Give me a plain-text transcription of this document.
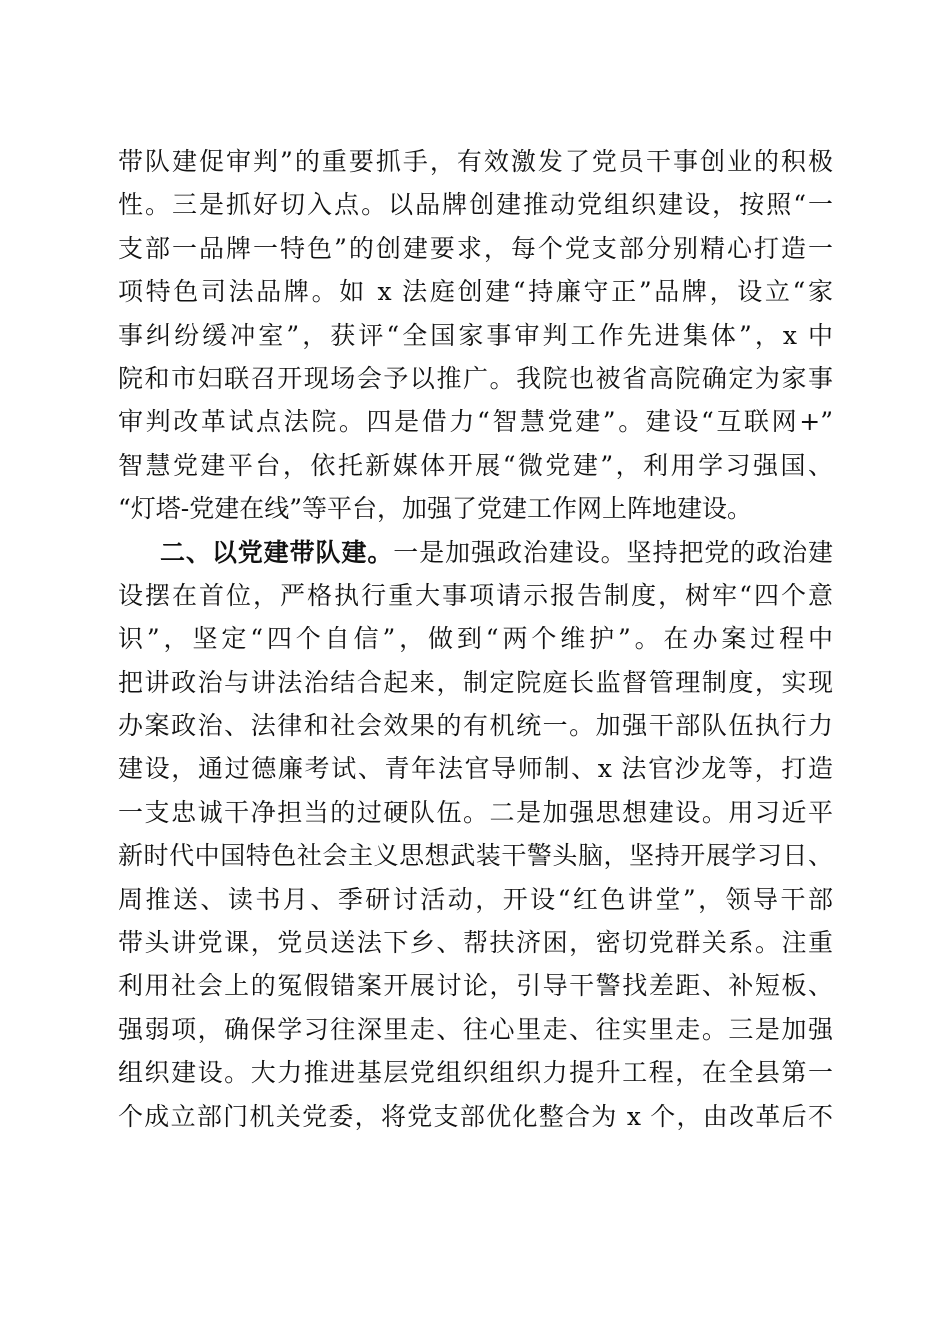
带队建促审判”的重要抓手，有效激发了党员干事创业的积极
性。三是抓好切入点。以品牌创建推动党组织建设，按照“一
支部一品牌一特色”的创建要求，每个党支部分别精心打造一
项特色司法品牌。如 x 法庭创建“持廉守正”品牌，设立“家
事纠纷缓冲室”，获评“全国家事审判工作先进集体”，x 中
院和市妇联召开现场会予以推广。我院也被省高院确定为家事
审判改革试点法院。四是借力“智慧党建”。建设“互联网+”
智慧党建平台，依托新媒体开展“微党建”，利用学习强国、
“灯塔-党建在线”等平台，加强了党建工作网上阵地建设。
二、以党建带队建。一是加强政治建设。坚持把党的政治建
设摆在首位，严格执行重大事项请示报告制度，树牢“四个意
识”，坚定“四个自信”，做到“两个维护”。在办案过程中
把讲政治与讲法治结合起来，制定院庭长监督管理制度，实现
办案政治、法律和社会效果的有机统一。加强干部队伍执行力
建设，通过德廉考试、青年法官导师制、x 法官沙龙等，打造
一支忠诚干净担当的过硬队伍。二是加强思想建设。用习近平
新时代中国特色社会主义思想武装干警头脑，坚持开展学习日、
周推送、读书月、季研讨活动，开设“红色讲堂”，领导干部
带头讲党课，党员送法下乡、帮扶济困，密切党群关系。注重
利用社会上的冤假错案开展讨论，引导干警找差距、补短板、
强弱项，确保学习往深里走、往心里走、往实里走。三是加强
组织建设。大力推进基层党组织组织力提升工程，在全县第一
个成立部门机关党委，将党支部优化整合为 x 个，由改革后不
